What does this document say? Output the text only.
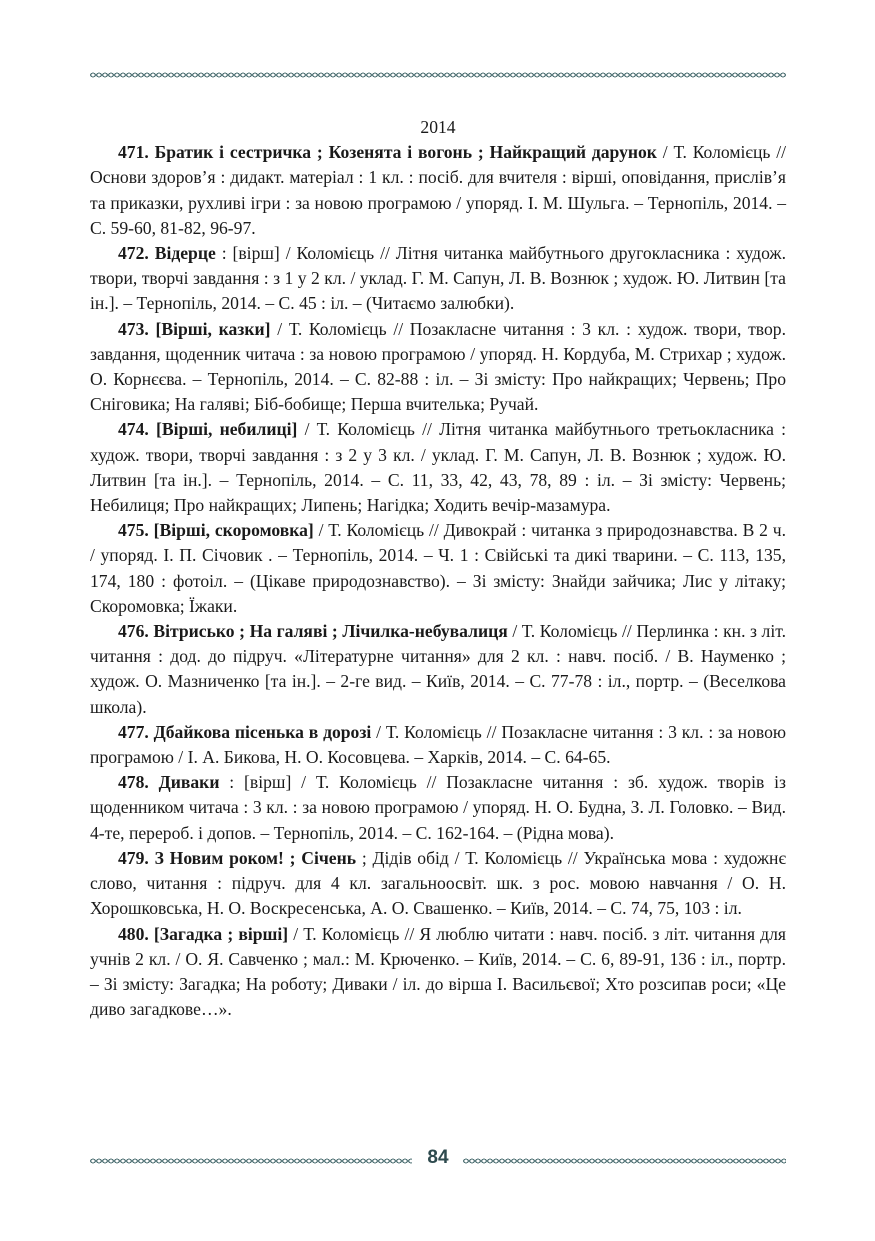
2014

471. Братик і сестричка ; Козенята і вогонь ; Найкращий дарунок / Т. Коломієць // Основи здоров’я : дидакт. матеріал : 1 кл. : посіб. для вчителя : вірші, оповідання, прислів’я та приказки, рухливі ігри : за новою програмою / упоряд. І. М. Шульга. – Тернопіль, 2014. – С. 59-60, 81-82, 96-97.

472. Відерце : [вірш] / Коломієць // Літня читанка майбутнього другокласника : худож. твори, творчі завдання : з 1 у 2 кл. / уклад. Г. М. Сапун, Л. В. Вознюк ; худож. Ю. Литвин [та ін.]. – Тернопіль, 2014. – С. 45 : іл. – (Читаємо залюбки).

473. [Вірші, казки] / Т. Коломієць // Позакласне читання : 3 кл. : худож. твори, твор. завдання, щоденник читача : за новою програмою / упоряд. Н. Кордуба, М. Стрихар ; худож. О. Корнєєва. – Тернопіль, 2014. – С. 82-88 : іл. – Зі змісту: Про найкращих; Червень; Про Сніговика; На галяві; Біб-бобище; Перша вчителька; Ручай.

474. [Вірші, небилиці] / Т. Коломієць // Літня читанка майбутнього третьокласника : худож. твори, творчі завдання : з 2 у 3 кл. / уклад. Г. М. Сапун, Л. В. Вознюк ; худож. Ю. Литвин [та ін.]. – Тернопіль, 2014. – С. 11, 33, 42, 43, 78, 89 : іл. – Зі змісту: Червень; Небилиця; Про найкращих; Липень; Нагідка; Ходить вечір-мазамура.

475. [Вірші, скоромовка] / Т. Коломієць // Дивокрай : читанка з природознавства. В 2 ч. / упоряд. І. П. Січовик . – Тернопіль, 2014. – Ч. 1 : Свійські та дикі тварини. – С. 113, 135, 174, 180 : фотоіл. – (Цікаве природознавство). – Зі змісту: Знайди зайчика; Лис у літаку; Скоромовка; Їжаки.

476. Вітрисько ; На галяві ; Лічилка-небувалиця / Т. Коломієць // Перлинка : кн. з літ. читання : дод. до підруч. «Літературне читання» для 2 кл. : навч. посіб. / В. Науменко ; худож. О. Мазниченко [та ін.]. – 2-ге вид. – Київ, 2014. – С. 77-78 : іл., портр. – (Веселкова школа).

477. Дбайкова пісенька в дорозі / Т. Коломієць // Позакласне читання : 3 кл. : за новою програмою / І. А. Бикова, Н. О. Косовцева. – Харків, 2014. – С. 64-65.

478. Диваки : [вірш] / Т. Коломієць // Позакласне читання : зб. худож. творів із щоденником читача : 3 кл. : за новою програмою / упоряд. Н. О. Будна, З. Л. Головко. – Вид. 4-те, перероб. і допов. – Тернопіль, 2014. – С. 162-164. – (Рідна мова).

479. З Новим роком! ; Січень ; Дідів обід / Т. Коломієць // Українська мова : художнє слово, читання : підруч. для 4 кл. загальноосвіт. шк. з рос. мовою навчання / О. Н. Хорошковська, Н. О. Воскресенська, А. О. Свашенко. – Київ, 2014. – С. 74, 75, 103 : іл.

480. [Загадка ; вірші] / Т. Коломієць // Я люблю читати : навч. посіб. з літ. читання для учнів 2 кл. / О. Я. Савченко ; мал.: М. Крюченко. – Київ, 2014. – С. 6, 89-91, 136 : іл., портр. – Зі змісту: Загадка; На роботу; Диваки / іл. до вірша І. Васильєвої; Хто розсипав роси; «Це диво загадкове…».

84
